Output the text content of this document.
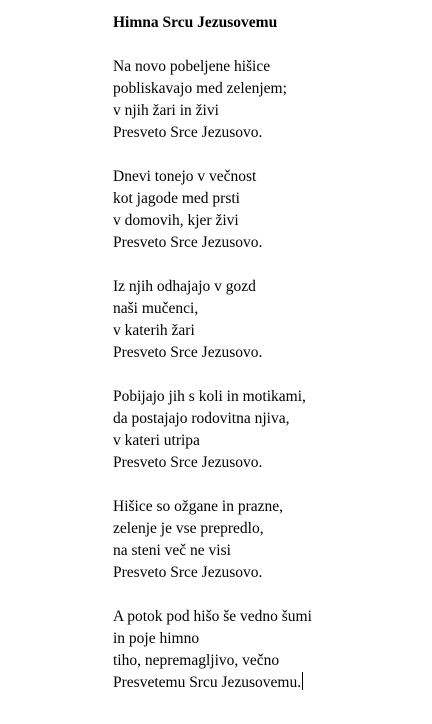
Himna Srcu Jezusovemu
Na novo pobeljene hišice
pobliskavajo med zelenjem;
v njih žari in živi
Presveto Srce Jezusovo.
Dnevi tonejo v večnost
kot jagode med prsti
v domovih, kjer živi
Presveto Srce Jezusovo.
Iz njih odhajajo v gozd
naši mučenci,
v katerih žari
Presveto Srce Jezusovo.
Pobijajo jih s koli in motikami,
da postajajo rodovitna njiva,
v kateri utripa
Presveto Srce Jezusovo.
Hišice so ožgane in prazne,
zelenje je vse prepredlo,
na steni več ne visi
Presveto Srce Jezusovo.
A potok pod hišo še vedno šumi
in poje himno
tiho, nepremagljivo, večno
Presvetemu Srcu Jezusovemu.
